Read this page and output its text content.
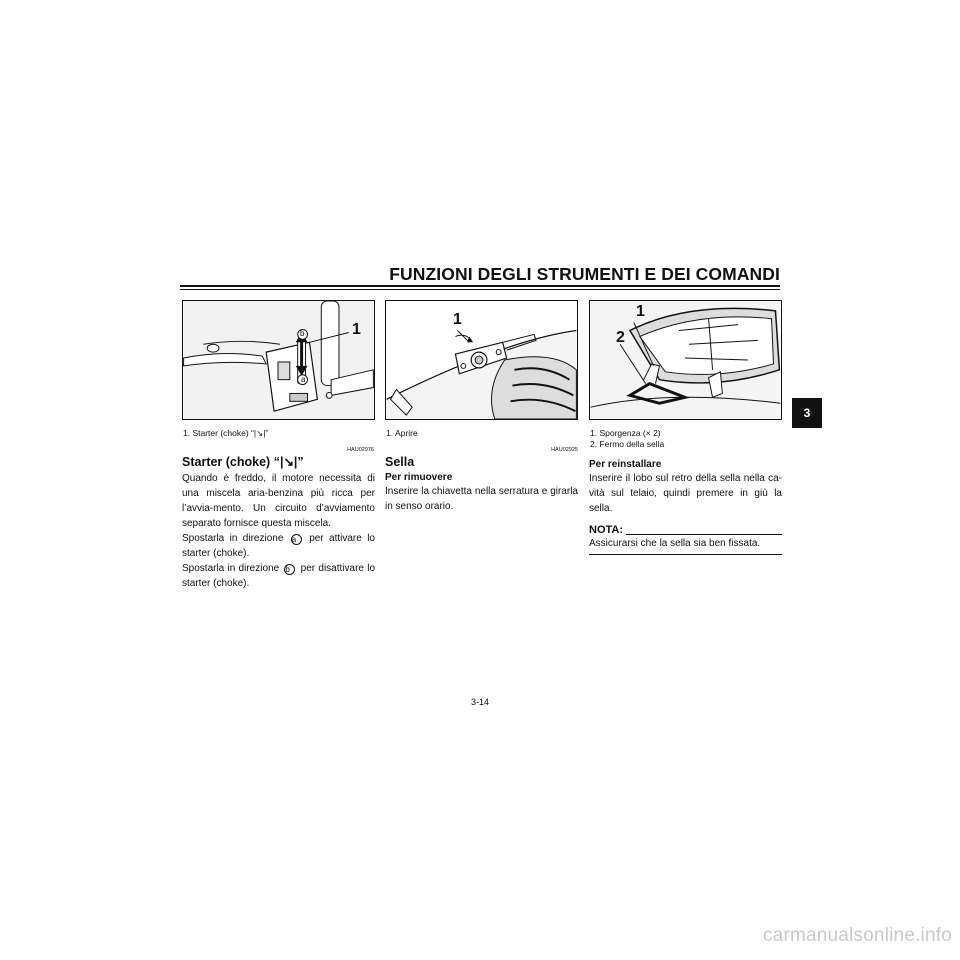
FUNZIONI DEGLI STRUMENTI E DEI COMANDI
3
b
a
1
1	1
2
1. Starter (choke) “|↘|”
HAU02976
1. Aprire
HAU02925
1. Sporgenza (× 2)
2. Fermo della sella
Starter (choke) “|↘|”
Quando è freddo, il motore necessita di una miscela aria-benzina più ricca per l’avvia-mento. Un circuito d’avviamento separato fornisce questa miscela.
Spostarla in direzione a per attivare lo starter (choke).
Spostarla in direzione b per disattivare lo starter (choke).
Sella
Per rimuovere
Inserire la chiavetta nella serratura e girarla in senso orario.
Per reinstallare
Inserire il lobo sul retro della sella nella ca-vità sul telaio, quindi premere in giù la sella.
NOTA:
Assicurarsi che la sella sia ben fissata.
3-14
carmanualsonline.info
